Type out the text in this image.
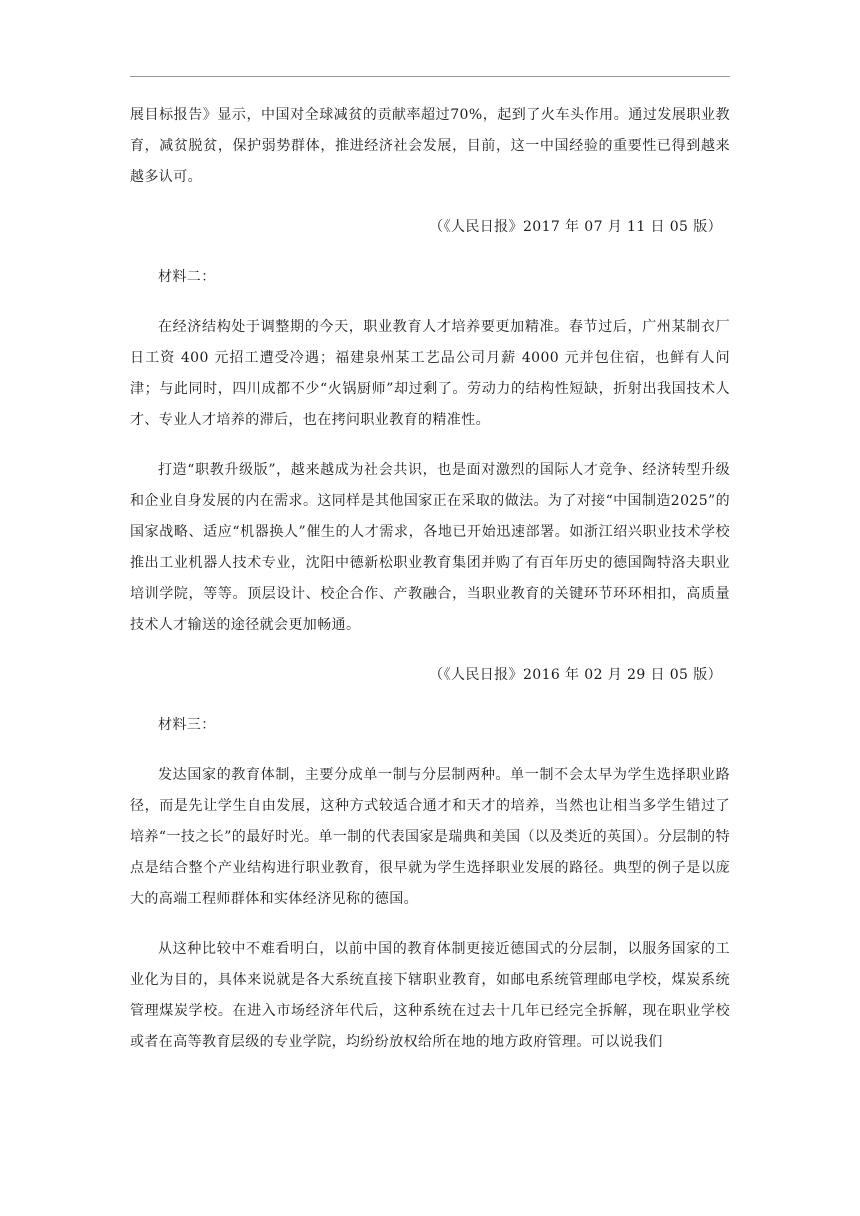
展目标报告》显示，中国对全球减贫的贡献率超过70%，起到了火车头作用。通过发展职业教育，减贫脱贫，保护弱势群体，推进经济社会发展，目前，这一中国经验的重要性已得到越来越多认可。

（《人民日报》2017 年 07 月 11 日 05 版）

材料二：

在经济结构处于调整期的今天，职业教育人才培养要更加精准。春节过后，广州某制衣厂日工资 400 元招工遭受冷遇；福建泉州某工艺品公司月薪 4000 元并包住宿，也鲜有人问津；与此同时，四川成都不少“火锅厨师”却过剩了。劳动力的结构性短缺，折射出我国技术人才、专业人才培养的滞后，也在拷问职业教育的精准性。

打造“职教升级版”，越来越成为社会共识，也是面对激烈的国际人才竞争、经济转型升级和企业自身发展的内在需求。这同样是其他国家正在采取的做法。为了对接“中国制造2025”的国家战略、适应“机器换人”催生的人才需求，各地已开始迅速部署。如浙江绍兴职业技术学校推出工业机器人技术专业，沈阳中德新松职业教育集团并购了有百年历史的德国陶特洛夫职业培训学院，等等。顶层设计、校企合作、产教融合，当职业教育的关键环节环环相扣，高质量技术人才输送的途径就会更加畅通。

（《人民日报》2016 年 02 月 29 日 05 版）

材料三：

发达国家的教育体制，主要分成单一制与分层制两种。单一制不会太早为学生选择职业路径，而是先让学生自由发展，这种方式较适合通才和天才的培养，当然也让相当多学生错过了培养“一技之长”的最好时光。单一制的代表国家是瑞典和美国（以及类近的英国）。分层制的特点是结合整个产业结构进行职业教育，很早就为学生选择职业发展的路径。典型的例子是以庞大的高端工程师群体和实体经济见称的德国。

从这种比较中不难看明白，以前中国的教育体制更接近德国式的分层制，以服务国家的工业化为目的，具体来说就是各大系统直接下辖职业教育，如邮电系统管理邮电学校，煤炭系统管理煤炭学校。在进入市场经济年代后，这种系统在过去十几年已经完全拆解，现在职业学校或者在高等教育层级的专业学院，均纷纷放权给所在地的地方政府管理。可以说我们
